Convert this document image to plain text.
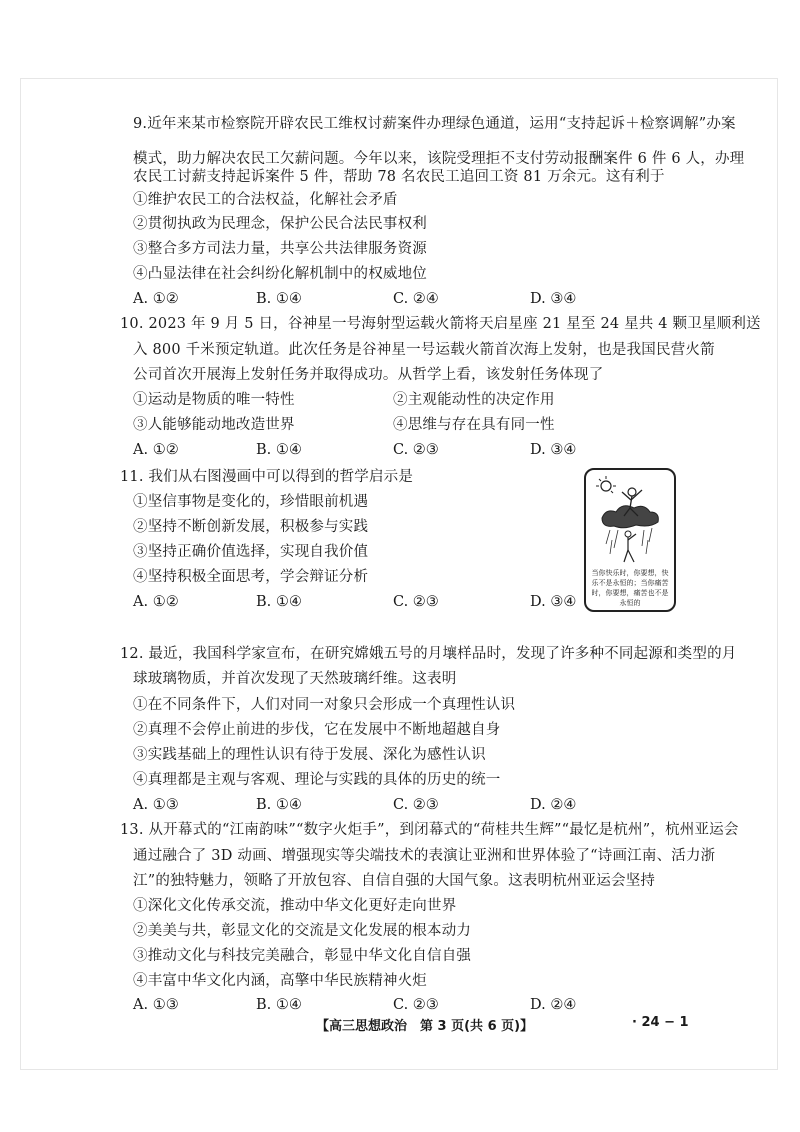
9.近年来某市检察院开辟农民工维权讨薪案件办理绿色通道，运用“支持起诉＋检察调解”办案
模式，助力解决农民工欠薪问题。今年以来，该院受理拒不支付劳动报酬案件 6 件 6 人，办理
农民工讨薪支持起诉案件 5 件，帮助 78 名农民工追回工资 81 万余元。这有利于
①维护农民工的合法权益，化解社会矛盾
②贯彻执政为民理念，保护公民合法民事权利
③整合多方司法力量，共享公共法律服务资源
④凸显法律在社会纠纷化解机制中的权威地位
A. ①②	B. ①④	C. ②④	D. ③④
10. 2023 年 9 月 5 日，谷神星一号海射型运载火箭将天启星座 21 星至 24 星共 4 颗卫星顺利送
入 800 千米预定轨道。此次任务是谷神星一号运载火箭首次海上发射，也是我国民营火箭
公司首次开展海上发射任务并取得成功。从哲学上看，该发射任务体现了
①运动是物质的唯一特性	②主观能动性的决定作用
③人能够能动地改造世界	④思维与存在具有同一性
A. ①②	B. ①④	C. ②③	D. ③④
11. 我们从右图漫画中可以得到的哲学启示是
①坚信事物是变化的，珍惜眼前机遇
②坚持不断创新发展，积极参与实践
③坚持正确价值选择，实现自我价值
④坚持积极全面思考，学会辩证分析
A. ①②	B. ①④	C. ②③	D. ③④
当你快乐时，你要想，快乐不是永恒的；当你痛苦时，你要想，痛苦也不是永恒的
12. 最近，我国科学家宣布，在研究嫦娥五号的月壤样品时，发现了许多种不同起源和类型的月
球玻璃物质，并首次发现了天然玻璃纤维。这表明
①在不同条件下，人们对同一对象只会形成一个真理性认识
②真理不会停止前进的步伐，它在发展中不断地超越自身
③实践基础上的理性认识有待于发展、深化为感性认识
④真理都是主观与客观、理论与实践的具体的历史的统一
A. ①③	B. ①④	C. ②③	D. ②④
13. 从开幕式的“江南韵味”“数字火炬手”，到闭幕式的“荷桂共生辉”“最忆是杭州”，杭州亚运会
通过融合了 3D 动画、增强现实等尖端技术的表演让亚洲和世界体验了“诗画江南、活力浙
江”的独特魅力，领略了开放包容、自信自强的大国气象。这表明杭州亚运会坚持
①深化文化传承交流，推动中华文化更好走向世界
②美美与共，彰显文化的交流是文化发展的根本动力
③推动文化与科技完美融合，彰显中华文化自信自强
④丰富中华文化内涵，高擎中华民族精神火炬
A. ①③	B. ①④	C. ②③	D. ②④
【高三思想政治　第 3 页(共 6 页)】	· 24 − 1
